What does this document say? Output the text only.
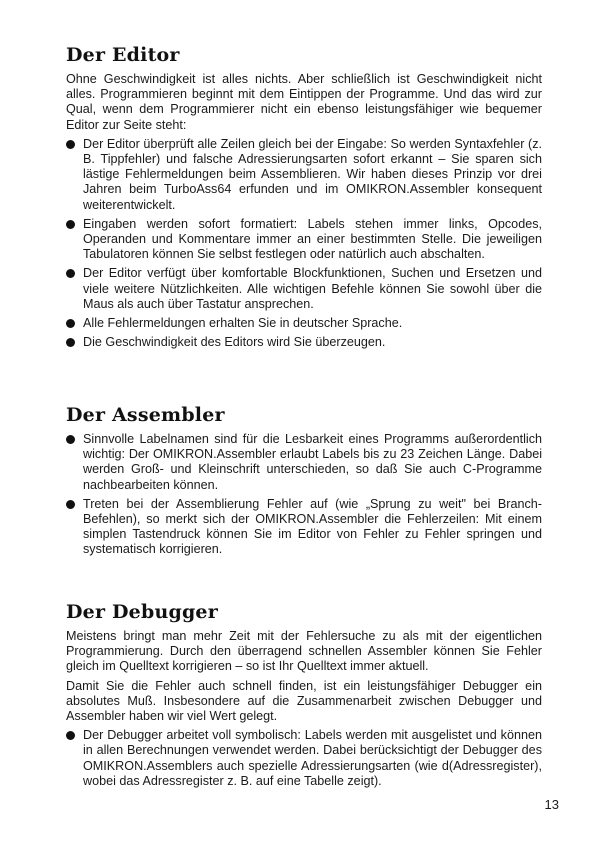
Der Editor

Ohne Geschwindigkeit ist alles nichts. Aber schließlich ist Geschwindigkeit nicht alles. Programmieren beginnt mit dem Eintippen der Programme. Und das wird zur Qual, wenn dem Programmierer nicht ein ebenso leistungsfähiger wie bequemer Editor zur Seite steht:

Der Editor überprüft alle Zeilen gleich bei der Eingabe: So werden Syntaxfehler (z. B. Tippfehler) und falsche Adressierungsarten sofort erkannt – Sie sparen sich lästige Fehlermeldungen beim Assemblieren. Wir haben dieses Prinzip vor drei Jahren beim TurboAss64 erfunden und im OMIKRON.Assembler konsequent weiterentwickelt.
Eingaben werden sofort formatiert: Labels stehen immer links, Opcodes, Operanden und Kommentare immer an einer bestimmten Stelle. Die jeweiligen Tabulatoren können Sie selbst festlegen oder natürlich auch abschalten.
Der Editor verfügt über komfortable Blockfunktionen, Suchen und Ersetzen und viele weitere Nützlichkeiten. Alle wichtigen Befehle können Sie sowohl über die Maus als auch über Tastatur ansprechen.
Alle Fehlermeldungen erhalten Sie in deutscher Sprache.
Die Geschwindigkeit des Editors wird Sie überzeugen.
Der Assembler
Sinnvolle Labelnamen sind für die Lesbarkeit eines Programms außerordentlich wichtig: Der OMIKRON.Assembler erlaubt Labels bis zu 23 Zeichen Länge. Dabei werden Groß- und Kleinschrift unterschieden, so daß Sie auch C-Programme nachbearbeiten können.
Treten bei der Assemblierung Fehler auf (wie „Sprung zu weit" bei Branch-Befehlen), so merkt sich der OMIKRON.Assembler die Fehlerzeilen: Mit einem simplen Tastendruck können Sie im Editor von Fehler zu Fehler springen und systematisch korrigieren.
Der Debugger

Meistens bringt man mehr Zeit mit der Fehlersuche zu als mit der eigentlichen Programmierung. Durch den überragend schnellen Assembler können Sie Fehler gleich im Quelltext korrigieren – so ist Ihr Quelltext immer aktuell.

Damit Sie die Fehler auch schnell finden, ist ein leistungsfähiger Debugger ein absolutes Muß. Insbesondere auf die Zusammenarbeit zwischen Debugger und Assembler haben wir viel Wert gelegt.

Der Debugger arbeitet voll symbolisch: Labels werden mit ausgelistet und können in allen Berechnungen verwendet werden. Dabei berücksichtigt der Debugger des OMIKRON.Assemblers auch spezielle Adressierungsarten (wie d(Adressregister), wobei das Adressregister z. B. auf eine Tabelle zeigt).
13
